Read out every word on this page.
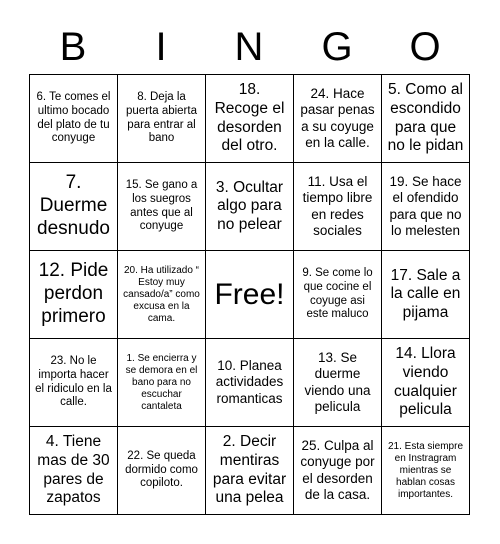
B	I	N	G	O
6. Te comes el ultimo bocado del plato de tu conyuge
8. Deja la puerta abierta para entrar al bano
18. Recoge el desorden del otro.
24. Hace pasar penas a su coyuge en la calle.
5. Como al escondido para que no le pidan
7. Duerme desnudo
15. Se gano a los suegros antes que al conyuge
3. Ocultar algo para no pelear
11. Usa el tiempo libre en redes sociales
19. Se hace el ofendido para que no lo melesten
12. Pide perdon primero
20. Ha utilizado “ Estoy muy cansado/a” como excusa en la cama.
Free!
9. Se come lo que cocine el coyuge asi este maluco
17. Sale a la calle en pijama
23. No le importa hacer el ridiculo en la calle.
1. Se encierra y se demora en el bano para no escuchar cantaleta
10. Planea actividades romanticas
13. Se duerme viendo una pelicula
14. Llora viendo cualquier pelicula
4. Tiene mas de 30 pares de zapatos
22. Se queda dormido como copiloto.
2. Decir mentiras para evitar una pelea
25. Culpa al conyuge por el desorden de la casa.
21. Esta siempre en Instragram mientras se hablan cosas importantes.
